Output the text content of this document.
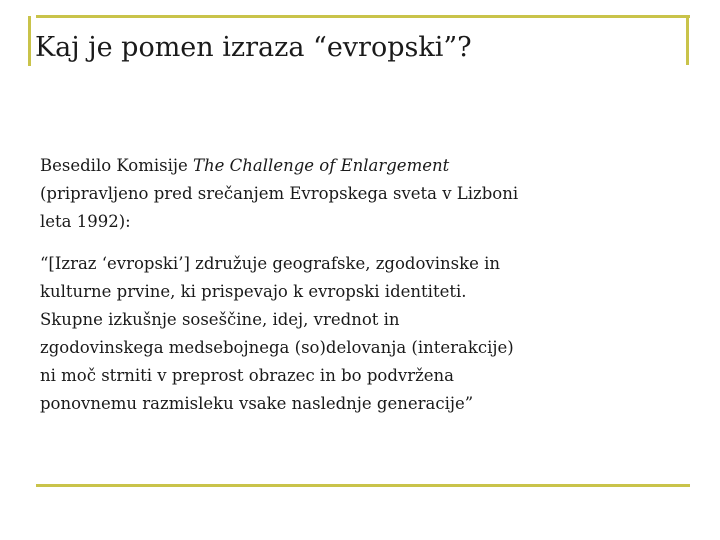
Kaj je pomen izraza “evropski”?

Besedilo Komisije The Challenge of Enlargement
(pripravljeno pred srečanjem Evropskega sveta v Lizboni
leta 1992):

“[Izraz ‘evropski’] združuje geografske, zgodovinske in
kulturne prvine, ki prispevajo k evropski identiteti.
Skupne izkušnje soseščine, idej, vrednot in
zgodovinskega medsebojnega (so)delovanja (interakcije)
ni moč strniti v preprost obrazec in bo podvržena
ponovnemu razmisleku vsake naslednje generacije”
